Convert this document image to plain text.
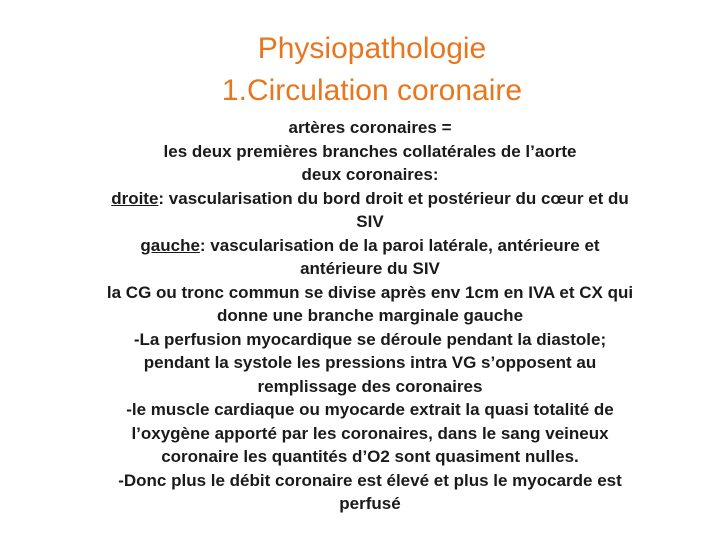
Physiopathologie
1.Circulation coronaire
artères coronaires =
les deux premières branches collatérales de l’aorte
deux coronaires:
droite: vascularisation du bord droit et postérieur du cœur et du
SIV
gauche: vascularisation de la paroi latérale, antérieure et
antérieure du SIV
la CG ou tronc commun se divise après env 1cm en IVA et CX qui
donne une branche marginale gauche
-La perfusion myocardique se déroule pendant la diastole;
pendant la systole les pressions intra VG s’opposent au
remplissage des coronaires
-le muscle cardiaque ou myocarde extrait la quasi totalité de
l’oxygène apporté par les coronaires, dans le sang veineux
coronaire les quantités d’O2 sont quasiment nulles.
-Donc plus le débit coronaire est élevé et plus le myocarde est
perfusé
